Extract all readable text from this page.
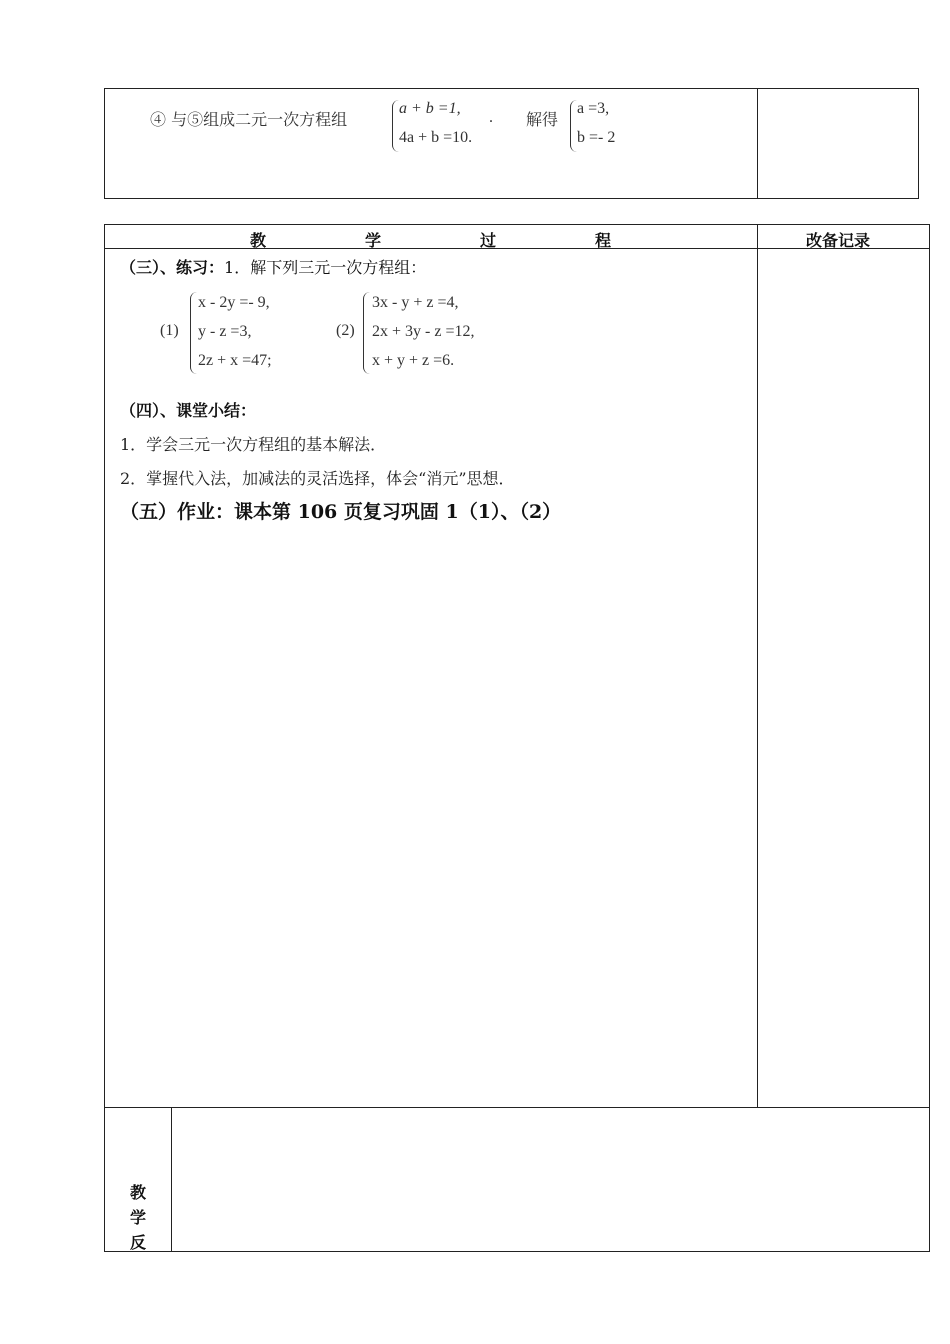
④ 与⑤组成二元一次方程组
a + b =1,
4a + b =10.
. 解得
a =3,
b =- 2
教	学	过	程	改备记录
（三）、练习：1．解下列三元一次方程组：
(1)
x - 2y =- 9,
y - z =3,
2z + x =47;
(2)
3x - y + z =4,
2x + 3y - z =12,
x + y + z =6.
（四）、课堂小结：
1．学会三元一次方程组的基本解法．
2．掌握代入法，加减法的灵活选择，体会“消元”思想．
（五）作业：课本第 106 页复习巩固 1（1）、（2）
教
学
反
